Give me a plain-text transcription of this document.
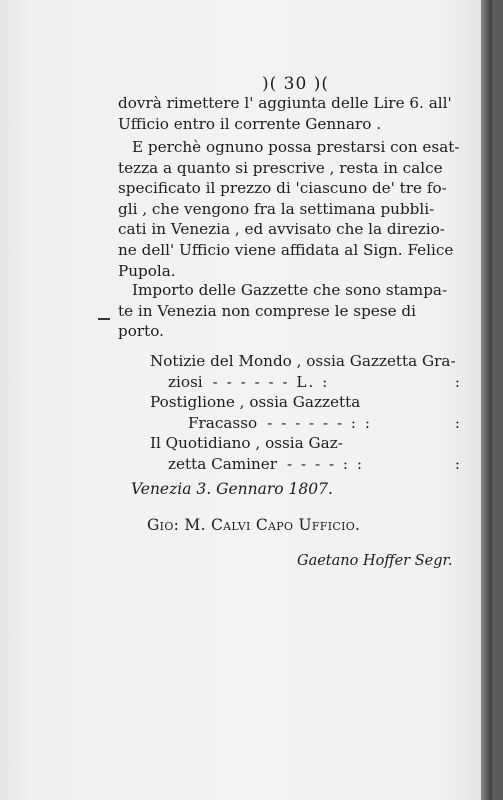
)( 30 )(
dovrà rimettere l' aggiunta delle Lire 6. all'
Ufficio entro il corrente Gennaro .
E perchè ognuno possa prestarsi con esat-
tezza a quanto si prescrive , resta in calce
specificato il prezzo di 'ciascuno de' tre fo-
gli , che vengono fra la settimana pubbli-
cati in Venezia , ed avvisato che la direzio-
ne dell' Ufficio viene affidata al Sign. Felice
Pupola.
Importo delle Gazzette che sono stampa-
te in Venezia non comprese le spese di
porto.
Notizie del Mondo , ossia Gazzetta Gra-
ziosi - - - - - - L. :	:
Postiglione , ossia Gazzetta
Fracasso - - - - - - : :	:
Il Quotidiano , ossia Gaz-
zetta Caminer - - - - : :	:
Venezia 3. Gennaro 1807.
Gio: M. Calvi Capo Ufficio.
Gaetano Hoffer Segr.
